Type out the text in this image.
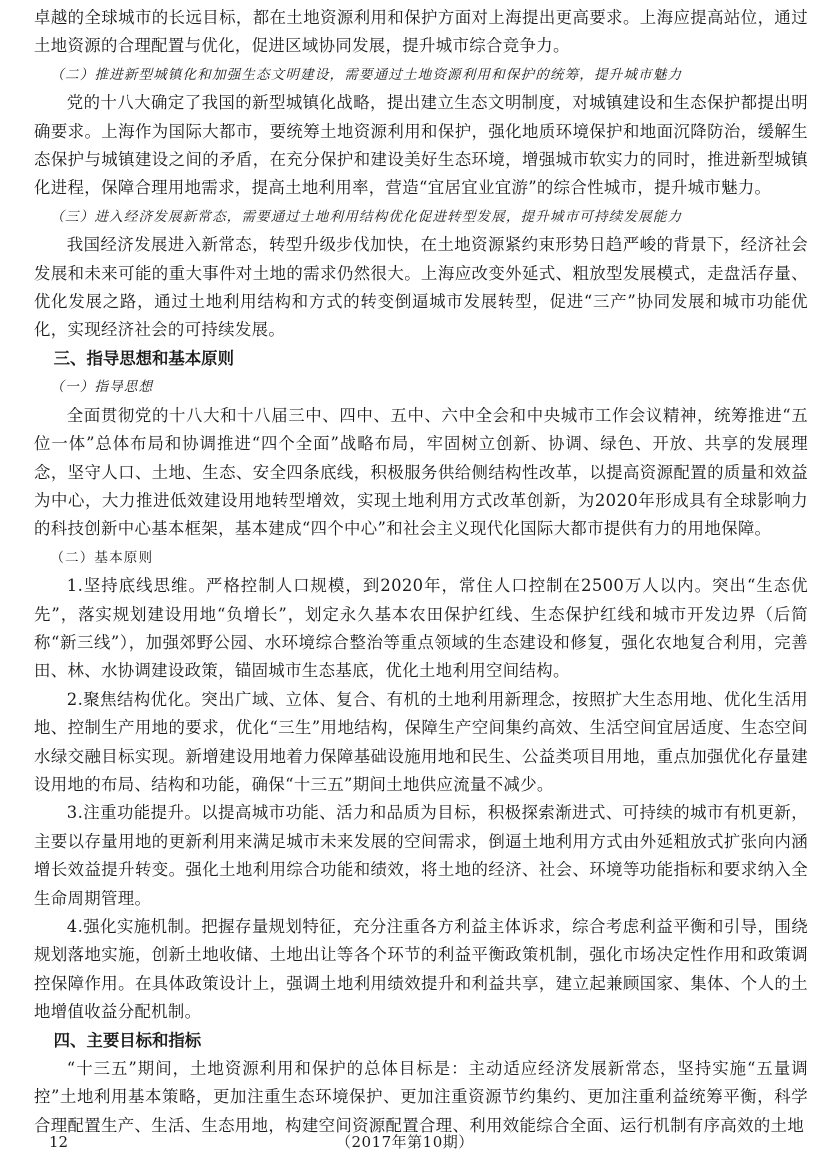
卓越的全球城市的长远目标，都在土地资源利用和保护方面对上海提出更高要求。上海应提高站位，通过土地资源的合理配置与优化，促进区域协同发展，提升城市综合竞争力。

（二）推进新型城镇化和加强生态文明建设，需要通过土地资源利用和保护的统筹，提升城市魅力

党的十八大确定了我国的新型城镇化战略，提出建立生态文明制度，对城镇建设和生态保护都提出明确要求。上海作为国际大都市，要统筹土地资源利用和保护，强化地质环境保护和地面沉降防治，缓解生态保护与城镇建设之间的矛盾，在充分保护和建设美好生态环境，增强城市软实力的同时，推进新型城镇化进程，保障合理用地需求，提高土地利用率，营造“宜居宜业宜游”的综合性城市，提升城市魅力。

（三）进入经济发展新常态，需要通过土地利用结构优化促进转型发展，提升城市可持续发展能力

我国经济发展进入新常态，转型升级步伐加快，在土地资源紧约束形势日趋严峻的背景下，经济社会发展和未来可能的重大事件对土地的需求仍然很大。上海应改变外延式、粗放型发展模式，走盘活存量、优化发展之路，通过土地利用结构和方式的转变倒逼城市发展转型，促进“三产”协同发展和城市功能优化，实现经济社会的可持续发展。

三、指导思想和基本原则

（一）指导思想

全面贯彻党的十八大和十八届三中、四中、五中、六中全会和中央城市工作会议精神，统筹推进“五位一体”总体布局和协调推进“四个全面”战略布局，牢固树立创新、协调、绿色、开放、共享的发展理念，坚守人口、土地、生态、安全四条底线，积极服务供给侧结构性改革，以提高资源配置的质量和效益为中心，大力推进低效建设用地转型增效，实现土地利用方式改革创新，为2020年形成具有全球影响力的科技创新中心基本框架，基本建成“四个中心”和社会主义现代化国际大都市提供有力的用地保障。

（二）基本原则

1.坚持底线思维。严格控制人口规模，到2020年，常住人口控制在2500万人以内。突出“生态优先”，落实规划建设用地“负增长”，划定永久基本农田保护红线、生态保护红线和城市开发边界（后简称“新三线”），加强郊野公园、水环境综合整治等重点领域的生态建设和修复，强化农地复合利用，完善田、林、水协调建设政策，锚固城市生态基底，优化土地利用空间结构。

2.聚焦结构优化。突出广域、立体、复合、有机的土地利用新理念，按照扩大生态用地、优化生活用地、控制生产用地的要求，优化“三生”用地结构，保障生产空间集约高效、生活空间宜居适度、生态空间水绿交融目标实现。新增建设用地着力保障基础设施用地和民生、公益类项目用地，重点加强优化存量建设用地的布局、结构和功能，确保“十三五”期间土地供应流量不减少。

3.注重功能提升。以提高城市功能、活力和品质为目标，积极探索渐进式、可持续的城市有机更新，主要以存量用地的更新利用来满足城市未来发展的空间需求，倒逼土地利用方式由外延粗放式扩张向内涵增长效益提升转变。强化土地利用综合功能和绩效，将土地的经济、社会、环境等功能指标和要求纳入全生命周期管理。

4.强化实施机制。把握存量规划特征，充分注重各方利益主体诉求，综合考虑利益平衡和引导，围绕规划落地实施，创新土地收储、土地出让等各个环节的利益平衡政策机制，强化市场决定性作用和政策调控保障作用。在具体政策设计上，强调土地利用绩效提升和利益共享，建立起兼顾国家、集体、个人的土地增值收益分配机制。

四、主要目标和指标

“十三五”期间，土地资源利用和保护的总体目标是：主动适应经济发展新常态，坚持实施“五量调控”土地利用基本策略，更加注重生态环境保护、更加注重资源节约集约、更加注重利益统筹平衡，科学合理配置生产、生活、生态用地，构建空间资源配置合理、利用效能综合全面、运行机制有序高效的土地

12	（2017年第10期）
